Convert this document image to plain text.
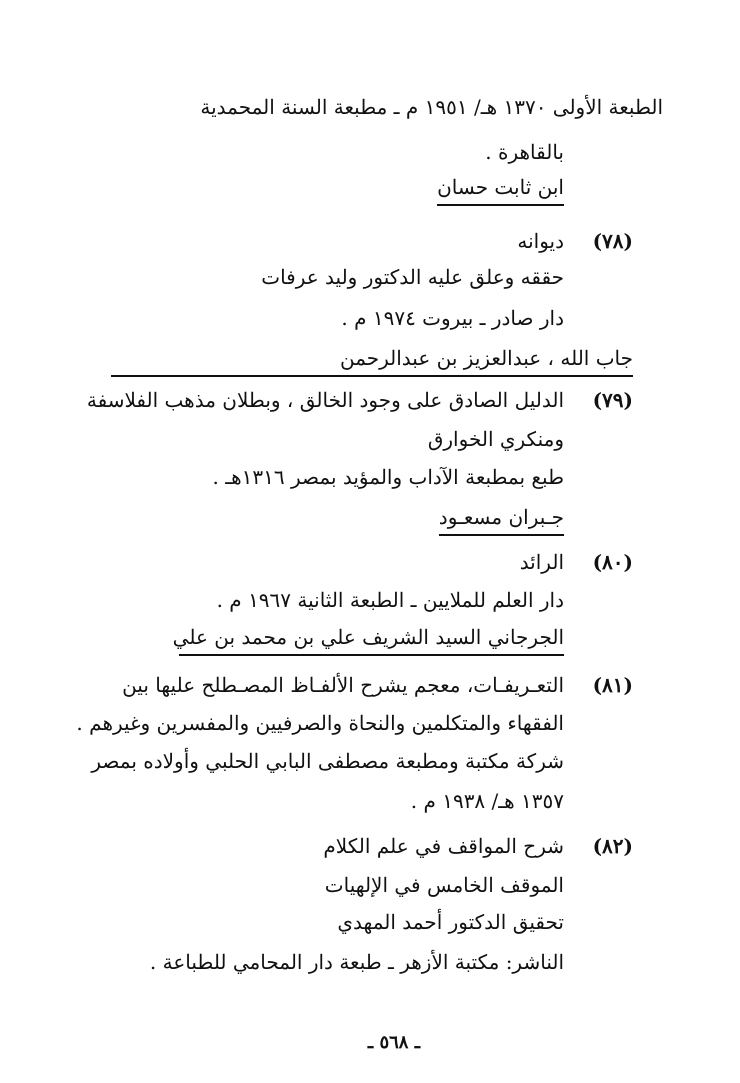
الطبعة الأولى ١٣٧٠ هـ/ ١٩٥١ م ـ مطبعة السنة المحمدية
بالقاهرة .
ابن ثابت حسان
(٧٨)
ديوانه
حققه وعلق عليه الدكتور وليد عرفات
دار صادر ـ بيروت ١٩٧٤ م .
جاب الله ، عبدالعزيز بن عبدالرحمن
(٧٩)
الدليل الصادق على وجود الخالق ، وبطلان مذهب الفلاسفة
ومنكري الخوارق
طبع بمطبعة الآداب والمؤيد بمصر ١٣١٦هـ .
جـبران مسعـود
(٨٠)
الرائد
دار العلم للملايين ـ الطبعة الثانية ١٩٦٧ م .
الجرجاني السيد الشريف علي بن محمد بن علي
(٨١)
التعـريفـات، معجم يشرح الألفـاظ المصـطلح عليها بين
الفقهاء والمتكلمين والنحاة والصرفيين والمفسرين وغيرهم .
شركة مكتبة ومطبعة مصطفى البابي الحلبي وأولاده بمصر
١٣٥٧ هـ/ ١٩٣٨ م .
(٨٢)
شرح المواقف في علم الكلام
الموقف الخامس في الإلهيات
تحقيق الدكتور أحمد المهدي
الناشر: مكتبة الأزهر ـ طبعة دار المحامي للطباعة .
ـ ٥٦٨ ـ
